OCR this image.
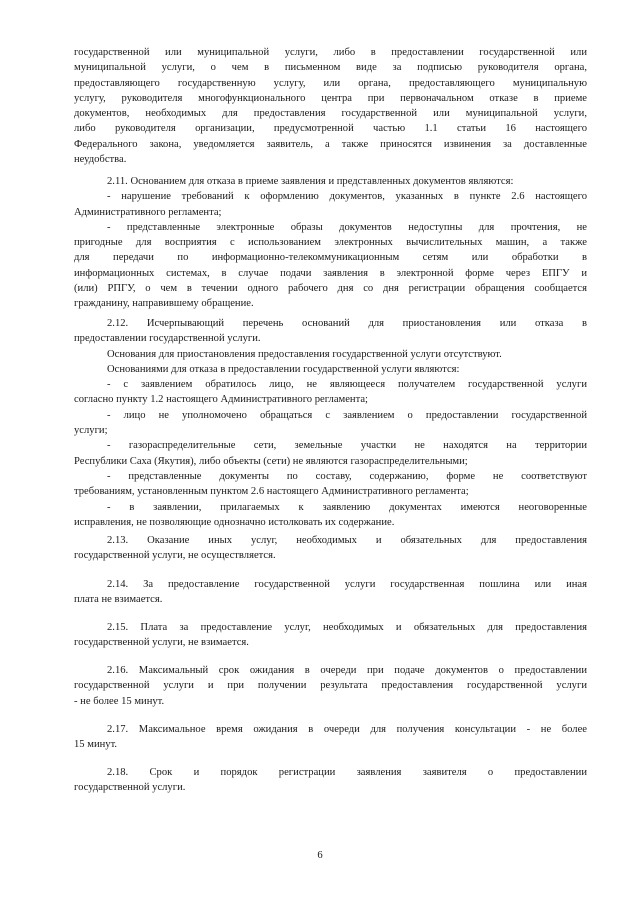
государственной или муниципальной услуги, либо в предоставлении государственной или
муниципальной услуги, о чем в письменном виде за подписью руководителя органа,
предоставляющего государственную услугу, или органа, предоставляющего муниципальную
услугу, руководителя многофункционального центра при первоначальном отказе в приеме
документов, необходимых для предоставления государственной или муниципальной услуги,
либо руководителя организации, предусмотренной частью 1.1 статьи 16 настоящего
Федерального закона, уведомляется заявитель, а также приносятся извинения за доставленные
неудобства.
2.11. Основанием для отказа в приеме заявления и представленных документов являются:
- нарушение требований к оформлению документов, указанных в пункте 2.6 настоящего
Административного регламента;
- представленные электронные образы документов недоступны для прочтения, не
пригодные для восприятия с использованием электронных вычислительных машин, а также
для передачи по информационно-телекоммуникационным сетям или обработки в
информационных системах, в случае подачи заявления в электронной форме через ЕПГУ и
(или) РПГУ, о чем в течении одного рабочего дня со дня регистрации обращения сообщается
гражданину, направившему обращение.
2.12. Исчерпывающий перечень оснований для приостановления или отказа в
предоставлении государственной услуги.
Основания для приостановления предоставления государственной услуги отсутствуют.
Основаниями для отказа в предоставлении государственной услуги являются:
- с заявлением обратилось лицо, не являющееся получателем государственной услуги
согласно пункту 1.2 настоящего Административного регламента;
- лицо не уполномочено обращаться с заявлением о предоставлении государственной
услуги;
- газораспределительные сети, земельные участки не находятся на территории
Республики Саха (Якутия), либо объекты (сети) не являются газораспределительными;
- представленные документы по составу, содержанию, форме не соответствуют
требованиям, установленным пунктом 2.6 настоящего Административного регламента;
- в заявлении, прилагаемых к заявлению документах имеются неоговоренные
исправления, не позволяющие однозначно истолковать их содержание.
2.13. Оказание иных услуг, необходимых и обязательных для предоставления
государственной услуги, не осуществляется.
2.14. За предоставление государственной услуги государственная пошлина или иная
плата не взимается.
2.15. Плата за предоставление услуг, необходимых и обязательных для предоставления
государственной услуги, не взимается.
2.16. Максимальный срок ожидания в очереди при подаче документов о предоставлении
государственной услуги и при получении результата предоставления государственной услуги
- не более 15 минут.
2.17. Максимальное время ожидания в очереди для получения консультации - не более
15 минут.
2.18. Срок и порядок регистрации заявления заявителя о предоставлении
государственной услуги.
6
